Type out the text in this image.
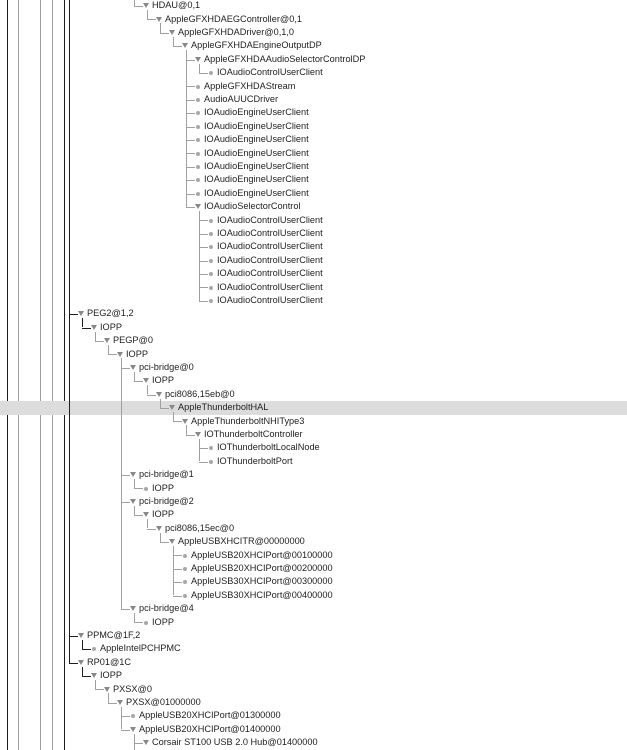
HDAU@0,1
AppleGFXHDAEGController@0,1
AppleGFXHDADriver@0,1,0
AppleGFXHDAEngineOutputDP
AppleGFXHDAAudioSelectorControlDP
IOAudioControlUserClient
AppleGFXHDAStream
AudioAUUCDriver
IOAudioEngineUserClient
IOAudioEngineUserClient
IOAudioEngineUserClient
IOAudioEngineUserClient
IOAudioEngineUserClient
IOAudioEngineUserClient
IOAudioEngineUserClient
IOAudioSelectorControl
IOAudioControlUserClient
IOAudioControlUserClient
IOAudioControlUserClient
IOAudioControlUserClient
IOAudioControlUserClient
IOAudioControlUserClient
IOAudioControlUserClient
PEG2@1,2
IOPP
PEGP@0
IOPP
pci-bridge@0
IOPP
pci8086,15eb@0
AppleThunderboltHAL
AppleThunderboltNHIType3
IOThunderboltController
IOThunderboltLocalNode
IOThunderboltPort
pci-bridge@1
IOPP
pci-bridge@2
IOPP
pci8086,15ec@0
AppleUSBXHCITR@00000000
AppleUSB20XHCIPort@00100000
AppleUSB20XHCIPort@00200000
AppleUSB30XHCIPort@00300000
AppleUSB30XHCIPort@00400000
pci-bridge@4
IOPP
PPMC@1F,2
AppleIntelPCHPMC
RP01@1C
IOPP
PXSX@0
PXSX@01000000
AppleUSB20XHCIPort@01300000
AppleUSB20XHCIPort@01400000
Corsair ST100 USB 2.0 Hub@01400000
